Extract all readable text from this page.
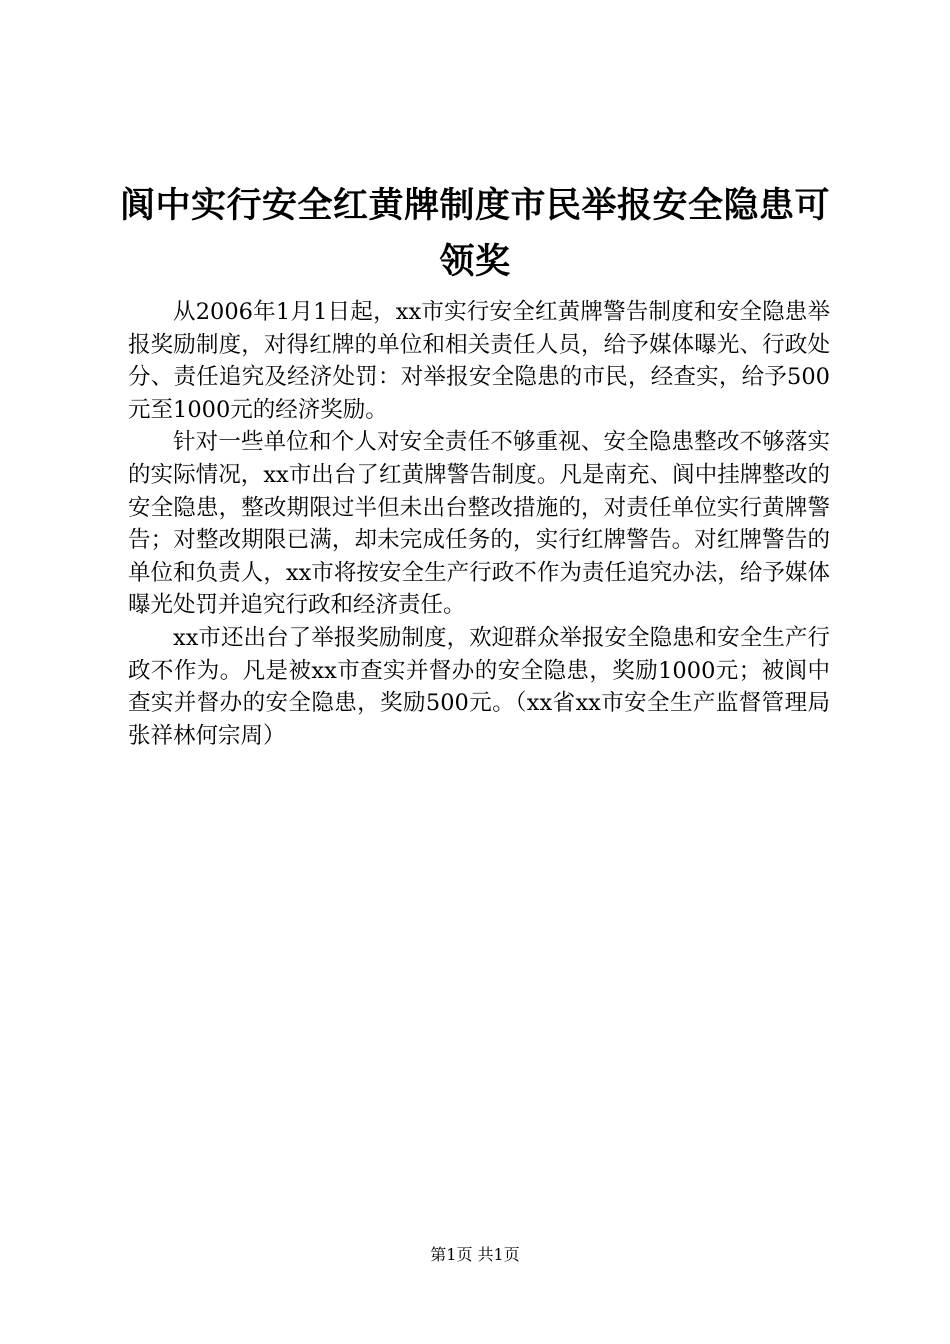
阆中实行安全红黄牌制度市民举报安全隐患可领奖

从2006年1月1日起，xx市实行安全红黄牌警告制度和安全隐患举报奖励制度，对得红牌的单位和相关责任人员，给予媒体曝光、行政处分、责任追究及经济处罚：对举报安全隐患的市民，经查实，给予500元至1000元的经济奖励。

针对一些单位和个人对安全责任不够重视、安全隐患整改不够落实的实际情况，xx市出台了红黄牌警告制度。凡是南充、阆中挂牌整改的安全隐患，整改期限过半但未出台整改措施的，对责任单位实行黄牌警告；对整改期限已满，却未完成任务的，实行红牌警告。对红牌警告的单位和负责人，xx市将按安全生产行政不作为责任追究办法，给予媒体曝光处罚并追究行政和经济责任。

xx市还出台了举报奖励制度，欢迎群众举报安全隐患和安全生产行政不作为。凡是被xx市查实并督办的安全隐患，奖励1000元；被阆中查实并督办的安全隐患，奖励500元。（xx省xx市安全生产监督管理局张祥林何宗周）

第1页 共1页
